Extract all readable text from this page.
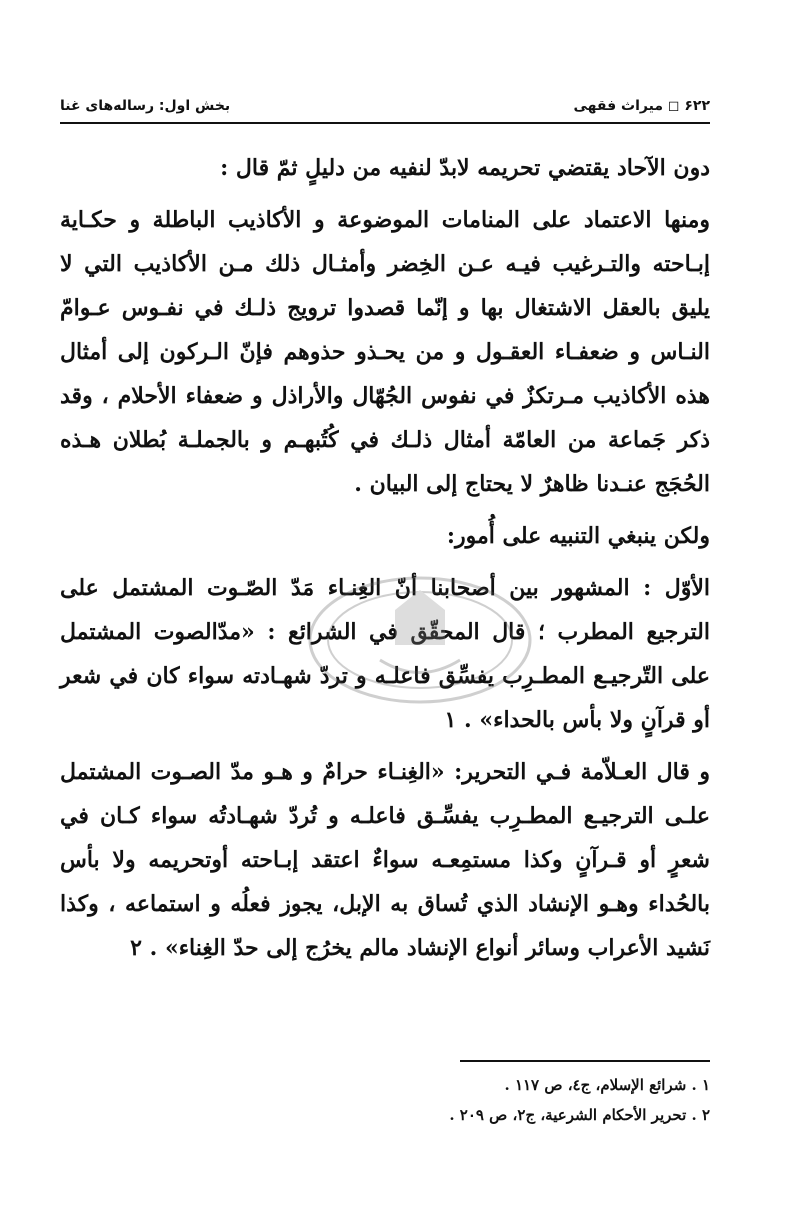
۶۲۲ ◻ میراث فقهی
بخش اول: رساله‌های غنا

دون الآحاد يقتضي تحريمه لابدّ لنفيه من دليلٍ ثمّ قال :

ومنها الاعتماد على المنامات الموضوعة و الأكاذيب الباطلة و حكـاية إبـاحته والتـرغيب فيـه عـن الخِضر وأمثـال ذلك مـن الأكاذيب التي لا يليق بالعقل الاشتغال بها و إنّما قصدوا ترويج ذلـك في نفـوس عـوامّ النـاس و ضعفـاء العقـول و من يحـذو حذوهم فإنّ الـركون إلى أمثال هذه الأكاذيب مـرتكزٌ في نفوس الجُهّال والأراذل و ضعفاء الأحلام ، وقد ذكر جَماعة من العامّة أمثال ذلـك في كُتُبهـم و بالجملـة بُطلان هـذه الحُجَج عنـدنا ظاهرٌ لا يحتاج إلى البيان .

ولكن ينبغي التنبيه على أُمور:

الأوّل : المشهور بين أصحابنا أنّ الغِنـاء مَدّ الصّـوت المشتمل على الترجيع المطرب ؛ قال المحقّق في الشرائع : «مدّالصوت المشتمل على التّرجيـع المطـرِب يفسِّق فاعلـه و تردّ شهـادته سواء كان في شعر أو قرآنٍ ولا بأس بالحداء» . ١

و قال العـلاّمة فـي التحرير: «الغِنـاء حرامٌ و هـو مدّ الصـوت المشتمل علـى الترجيـع المطـرِب يفسِّـق فاعلـه و تُردّ شهـادتُه سواء كـان في شعرٍ أو قـرآنٍ وكذا مستمِعـه سواءٌ اعتقد إبـاحته أوتحريمه ولا بأس بالحُداء وهـو الإنشاد الذي تُساق به الإبل، يجوز فعلُه و استماعه ، وكذا نَشيد الأعراب وسائر أنواع الإنشاد مالم يخرُج إلى حدّ الغِناء» . ٢

١ . شرائع الإسلام، ج٤، ص ١١٧ .

٢ . تحرير الأحكام الشرعية، ج٢، ص ٢٠٩ .
